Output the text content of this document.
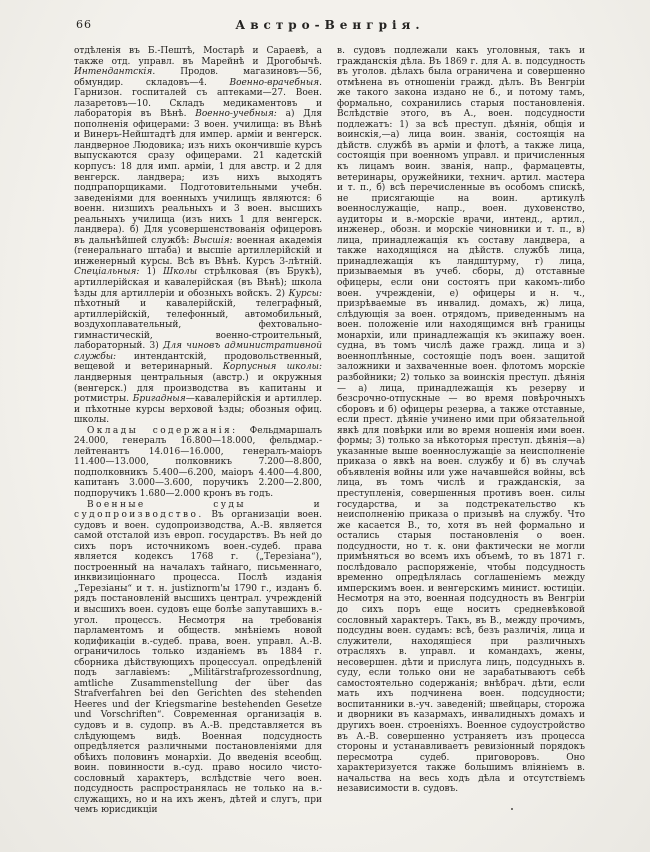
66	Австро-Венгрія.

отдѣленія въ Б.-Пештѣ, Мостарѣ и Сараевѣ, а также отд. управл. въ Марейнѣ и Дрогобычѣ. Интендантскія. Продов. магазиновъ—56, обмундир. складовъ—4. Военно-врачебныя. Гарнизон. госпиталей съ аптеками—27. Воен. лазаретовъ—10. Складъ медикаментовъ и лабораторія въ Вѣнѣ. Военно-учебныя: а) Для пополненія офицерами: 3 воен. училища: въ Вѣнѣ и Винеръ-Нейштадтѣ для импер. арміи и венгерск. ландверное Людовика; изъ нихъ окончившіе курсъ выпускаются сразу офицерами. 21 кадетскій корпусъ: 18 для имп. арміи, 1 для австр. и 2 для венгерск. ландвера; изъ нихъ выходятъ подпрапорщиками. Подготовительными учебн. заведеніями для военныхъ училищъ являются: 6 военн. низшихъ реальныхъ и 3 воен. высшихъ реальныхъ училища (изъ нихъ 1 для венгерск. ландвера). б) Для усовершенствованія офицеровъ въ дальнѣйшей службѣ: Высшія: военная академія (генеральнаго штаба) и высшіе артиллерійскій и инженерный курсы. Всѣ въ Вѣнѣ. Курсъ 3-лѣтній. Спеціальныя: 1) Школы стрѣлковая (въ Брукѣ), артиллерійская и кавалерійская (въ Вѣнѣ); школа ѣзды для артиллеріи и обозныхъ войскъ. 2) Курсы: пѣхотный и кавалерійскій, телеграфный, артиллерійскій, телефонный, автомобильный, воздухоплавательный, фехтовально-гимнастическій, военно-строительный, лабораторный. 3) Для чиновъ административной службы: интендантскій, продовольственный, вещевой и ветеринарный. Корпусныя школы: ландверныя центральныя (австр.) и окружныя (венгерск.) для производства въ капитаны и ротмистры. Бригадныя—кавалерійскія и артиллер. и пѣхотные курсы верховой ѣзды; обозныя офиц. школы.

Оклады содержанія: Фельдмаршалъ 24.000, генералъ 16.800—18.000, фельдмар.-лейтенантъ 14.016—16.000, генералъ-маіоръ 11.400—13.000, полковникъ 7.200—8.800, подполковникъ 5.400—6.200, маіоръ 4.400—4.800, капитанъ 3.000—3.600, поручикъ 2.200—2.800, подпоручикъ 1.680—2.000 кронъ въ годъ.

Военные суды и судопроизводство. Въ организаціи воен. судовъ и воен. судопроизводства, А.-В. является самой отсталой изъ европ. государствъ. Въ ней до сихъ поръ источникомъ воен.-судеб. права является кодексъ 1768 г. („Терезіана“), построенный на началахъ тайнаго, письменнаго, инквизиціоннаго процесса. Послѣ изданія „Терезіаны“ и т. н. justiznorm'ы 1790 г., изданъ б. рядъ постановленій высшихъ централ. учрежденій и высшихъ воен. судовъ еще болѣе запутавшихъ в.-угол. процессъ. Несмотря на требованія парламентомъ и обществ. мнѣніемъ новой кодификаціи в.-судеб. права, воен. управл. А.-В. ограничилось только изданіемъ въ 1884 г. сборника дѣйствующихъ процессуал. опредѣленій подъ заглавіемъ: „Militärstrafprozessordnung, amtliche Zusammenstellung der über das Strafverfahren bei den Gerichten des stehenden Heeres und der Kriegsmarine bestehenden Gesetze und Vorschriften“. Современная организація в. судовъ и в. судопр. въ А.-В. представляется въ слѣдующемъ видѣ. Военная подсудность опредѣляется различными постановленіями для обѣихъ половинъ монархіи. До введенія всеобщ. воин. повинности в.-суд. право носило чисто-сословный характеръ, вслѣдствіе чего воен. подсудность распространялась не только на в.-служащихъ, но и на ихъ женъ, дѣтей и слугъ, при чемъ юрисдикціи

в. судовъ подлежали какъ уголовныя, такъ и гражданскія дѣла. Въ 1869 г. для А. в. подсудность въ уголов. дѣлахъ была ограничена и совершенно отмѣнена въ отношеніи гражд. дѣлъ. Въ Венгріи же такого закона издано не б., и потому тамъ, формально, сохранились старыя постановленія. Вслѣдствіе этого, въ А., воен. подсудности подлежатъ: 1) за всѣ преступ. дѣянія, общія и воинскія,—а) лица воин. званія, состоящія на дѣйств. службѣ въ арміи и флотѣ, а также лица, состоящія при военномъ управл. и причисленныя къ лицамъ воин. званія, напр., фармацевты, ветеринары, оружейники, технич. артил. мастера и т. п., б) всѣ перечисленные въ особомъ спискѣ, не присягающіе на воин. артикулѣ военнослужащіе, напр., воен. духовенство, аудиторы и в.-морскіе врачи, интенд., артил., инженер., обозн. и морскіе чиновники и т. п., в) лица, принадлежащія къ составу ландвера, а также находящіяся на дѣйств. службѣ лица, принадлежащія къ ландштурму, г) лица, призываемыя въ учеб. сборы, д) отставные офицеры, если они состоятъ при какомъ-либо воен. учрежденіи, е) офицеры и н. ч., призрѣваемые въ инвалид. домахъ, ж) лица, слѣдующія за воен. отрядомъ, приведеннымъ на воен. положеніе или находящимся внѣ границы монархіи, или принадлежащія къ экипажу воен. судна, въ томъ числѣ даже гражд. лица и з) военноплѣнные, состоящіе подъ воен. защитой заложники и захваченные воен. флотомъ морскіе разбойники; 2) только за воинскія преступ. дѣянія — а) лица, принадлежащія къ резерву и безсрочно-отпускные — во время повѣрочныхъ сборовъ и б) офицеры резерва, а также отставные, если прест. дѣяніе учинено ими при обязательной явкѣ для повѣрки или во время ношенія ими воен. формы; 3) только за нѣкоторыя преступ. дѣянія—а) указанные выше военнослужащіе за неисполненіе приказа о явкѣ на воен. службу и б) въ случаѣ объявленія войны или уже начавшейся войны, всѣ лица, въ томъ числѣ и гражданскія, за преступленія, совершенныя противъ воен. силы государства, и за подстрекательство къ неисполненію приказа о призывѣ на службу. Что же касается В., то, хотя въ ней формально и остались старыя постановленія о воен. подсудности, но т. к. они фактически не могли примѣняться во всемъ ихъ объемѣ, то въ 1871 г. послѣдовало распоряженіе, чтобы подсудность временно опредѣлялась соглашеніемъ между имперскимъ воен. и венгерскимъ минист. юстиціи. Несмотря на это, военная подсудность въ Венгріи до сихъ поръ еще носитъ средневѣковой сословный характеръ. Такъ, въ В., между прочимъ, подсудны воен. судамъ: всѣ, безъ различія, лица и служители, находящіеся при различныхъ отрасляхъ в. управл. и командахъ, жены, несовершен. дѣти и прислуга лицъ, подсудныхъ в. суду, если только они не зарабатываютъ себѣ самостоятельно содержанія; внѣбрач. дѣти, если мать ихъ подчинена воен. подсудности; воспитанники в.-уч. заведеній; швейцары, сторожа и дворники въ казармахъ, инвалидныхъ домахъ и другихъ воен. строеніяхъ. Военное судоустройство въ А.-В. совершенно устраняетъ изъ процесса стороны и устанавливаетъ ревизіонный порядокъ пересмотра судеб. приговоровъ. Оно характеризуется также большимъ вліяніемъ в. начальства на весь ходъ дѣла и отсутствіемъ независимости в. судовъ.
